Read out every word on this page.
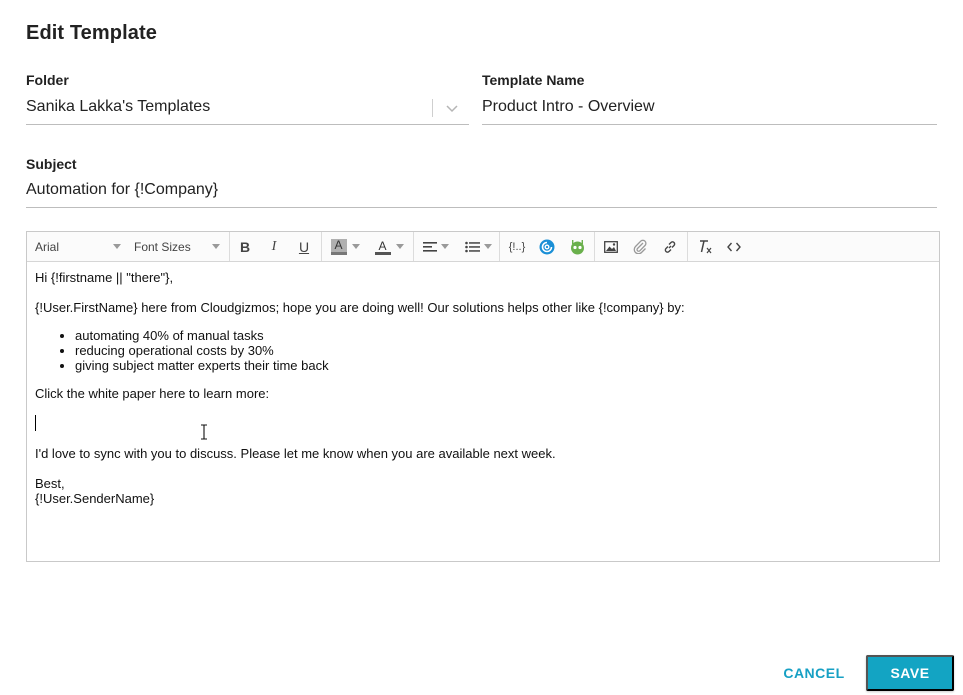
Edit Template
Folder
Sanika Lakka's Templates
Template Name
Product Intro - Overview
Subject
Automation for {!Company}
Arial	Font Sizes	B	I	U	A	A	{!..}

Hi {!firstname || "there"},

{!User.FirstName} here from Cloudgizmos; hope you are doing well! Our solutions helps other like {!company} by:

• automating 40% of manual tasks
• reducing operational costs by 30%
• giving subject matter experts their time back

Click the white paper here to learn more:

I'd love to sync with you to discuss. Please let me know when you are available next week.

Best,

{!User.SenderName}

CANCEL	SAVE
